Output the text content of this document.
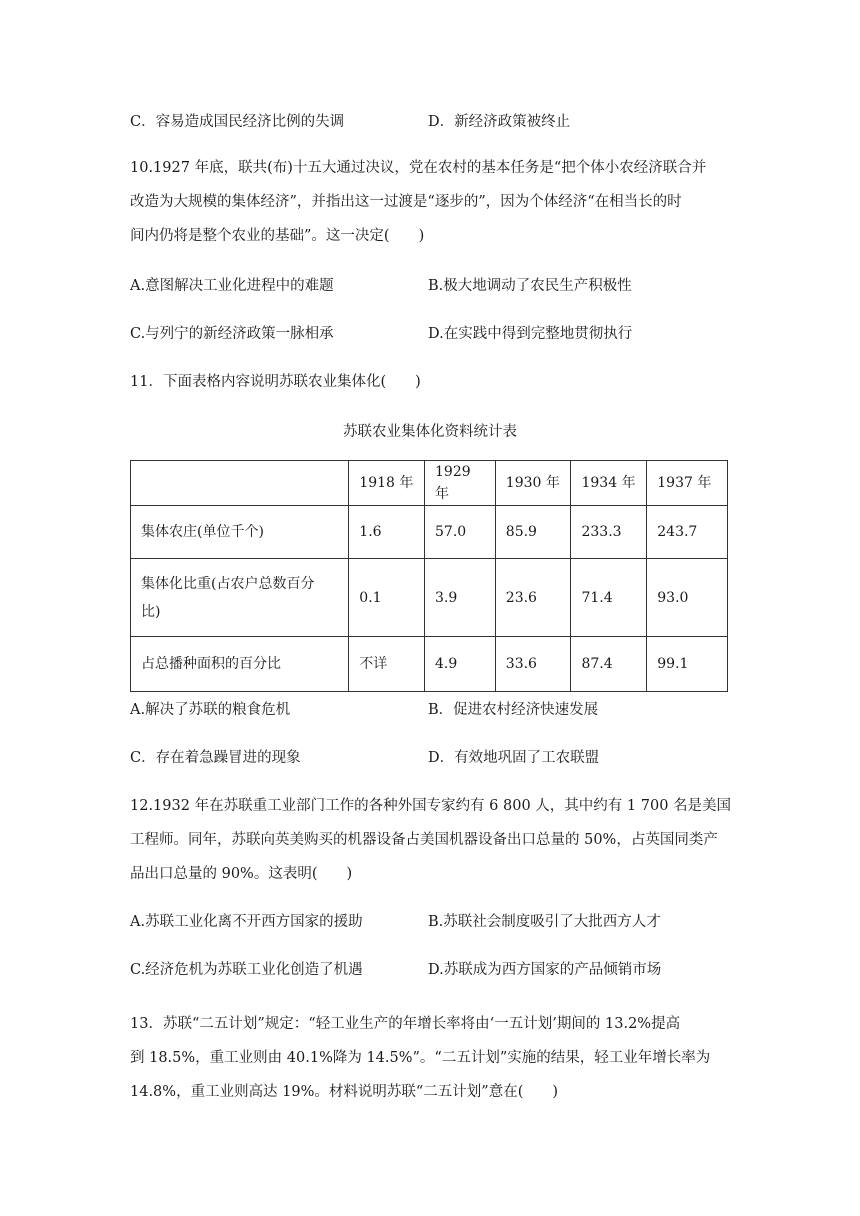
C．容易造成国民经济比例的失调	D．新经济政策被终止
10.1927 年底，联共(布)十五大通过决议，党在农村的基本任务是“把个体小农经济联合并
改造为大规模的集体经济”，并指出这一过渡是“逐步的”，因为个体经济“在相当长的时
间内仍将是整个农业的基础”。这一决定(　　)
A.意图解决工业化进程中的难题	B.极大地调动了农民生产积极性
C.与列宁的新经济政策一脉相承	D.在实践中得到完整地贯彻执行
11．下面表格内容说明苏联农业集体化(　　)
苏联农业集体化资料统计表
	1918 年	1929 年	1930 年	1934 年	1937 年
集体农庄(单位千个)	1.6	57.0	85.9	233.3	243.7

集体化比重(占农户总数百分
比)	0.1	3.9	23.6	71.4	93.0
占总播种面积的百分比	不详	4.9	33.6	87.4	99.1
A.解决了苏联的粮食危机	B．促进农村经济快速发展
C．存在着急躁冒进的现象	D．有效地巩固了工农联盟
12.1932 年在苏联重工业部门工作的各种外国专家约有 6 800 人，其中约有 1 700 名是美国
工程师。同年，苏联向英美购买的机器设备占美国机器设备出口总量的 50%，占英国同类产
品出口总量的 90%。这表明(　　)
A.苏联工业化离不开西方国家的援助	B.苏联社会制度吸引了大批西方人才
C.经济危机为苏联工业化创造了机遇	D.苏联成为西方国家的产品倾销市场
13．苏联“二五计划”规定：“轻工业生产的年增长率将由‘一五计划’期间的 13.2%提高
到 18.5%，重工业则由 40.1%降为 14.5%”。“二五计划”实施的结果，轻工业年增长率为
14.8%，重工业则高达 19%。材料说明苏联“二五计划”意在(　　)
